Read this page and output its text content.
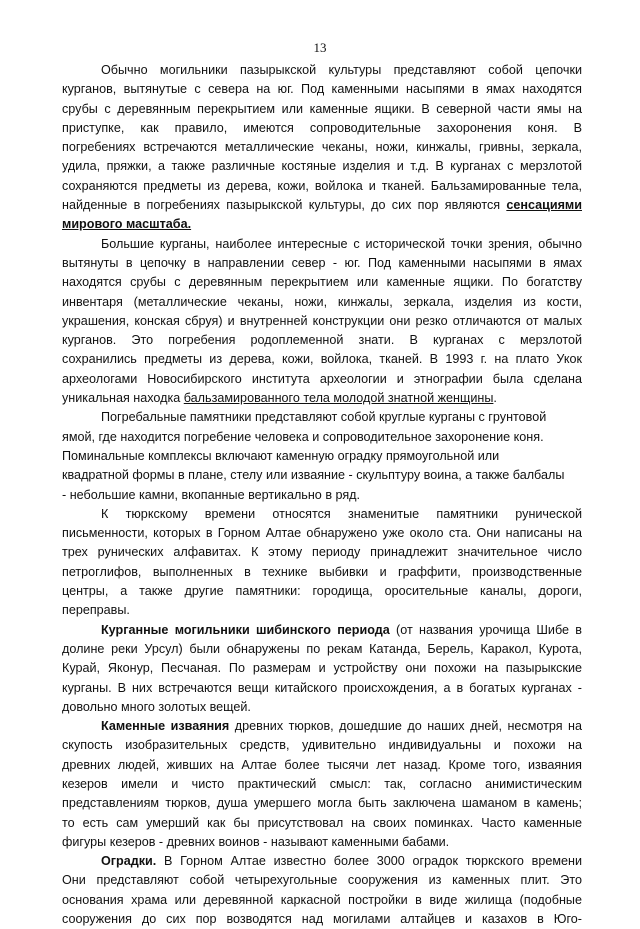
13

Обычно могильники пазырыкской культуры представляют собой цепочки

курганов, вытянутые с севера на юг. Под каменными насыпями в ямах находятся

срубы с деревянным перекрытием или каменные ящики. В северной части ямы на

приступке, как правило, имеются сопроводительные захоронения коня. В

погребениях встречаются металлические чеканы, ножи, кинжалы, гривны, зеркала,

удила, пряжки, а также различные костяные изделия и т.д. В курганах с мерзлотой

сохраняются предметы из дерева, кожи, войлока и тканей. Бальзамированные тела,

найденные в погребениях пазырыкской культуры, до сих пор являются сенсациями

мирового масштаба.

Большие курганы, наиболее интересные с исторической точки зрения, обычно

вытянуты в цепочку в направлении север - юг. Под каменными насыпями в ямах

находятся срубы с деревянным перекрытием или каменные ящики. По богатству

инвентаря (металлические чеканы, ножи, кинжалы, зеркала, изделия из кости,

украшения, конская сбруя) и внутренней конструкции они резко отличаются от малых

курганов. Это погребения родоплеменной знати. В курганах с мерзлотой

сохранились предметы из дерева, кожи, войлока, тканей. В 1993 г. на плато Укок

археологами Новосибирского института археологии и этнографии была сделана

уникальная находка бальзамированного тела молодой знатной женщины.

Погребальные памятники представляют собой круглые курганы с грунтовой

ямой, где находится погребение человека и сопроводительное захоронение коня.

Поминальные комплексы включают каменную оградку прямоугольной или

квадратной формы в плане, стелу или изваяние - скульптуру воина, а также балбалы

- небольшие камни, вкопанные вертикально в ряд.

К тюркскому времени относятся знаменитые памятники рунической

письменности, которых в Горном Алтае обнаружено уже около ста. Они написаны на

трех рунических алфавитах. К этому периоду принадлежит значительное число

петроглифов, выполненных в технике выбивки и граффити, производственные

центры, а также другие памятники: городища, оросительные каналы, дороги,

переправы.

Курганные могильники шибинского периода (от названия урочища Шибе в

долине реки Урсул) были обнаружены по рекам Катанда, Берель, Каракол, Курота,

Курай, Яконур, Песчаная. По размерам и устройству они похожи на пазырыкские

курганы. В них встречаются вещи китайского происхождения, а в богатых курганах -

довольно много золотых вещей.

Каменные изваяния древних тюрков, дошедшие до наших дней, несмотря на

скупость изобразительных средств, удивительно индивидуальны и похожи на

древних людей, живших на Алтае более тысячи лет назад. Кроме того, изваяния

кезеров имели и чисто практический смысл: так, согласно анимистическим

представлениям тюрков, душа умершего могла быть заключена шаманом в камень;

то есть сам умерший как бы присутствовал на своих поминках. Часто каменные

фигуры кезеров - древних воинов - называют каменными бабами.

Оградки. В Горном Алтае известно более 3000 оградок тюркского времени

Они представляют собой четырехугольные сооружения из каменных плит. Это

основания храма или деревянной каркасной постройки в виде жилища (подобные

сооружения до сих пор возводятся над могилами алтайцев и казахов в Юго-
